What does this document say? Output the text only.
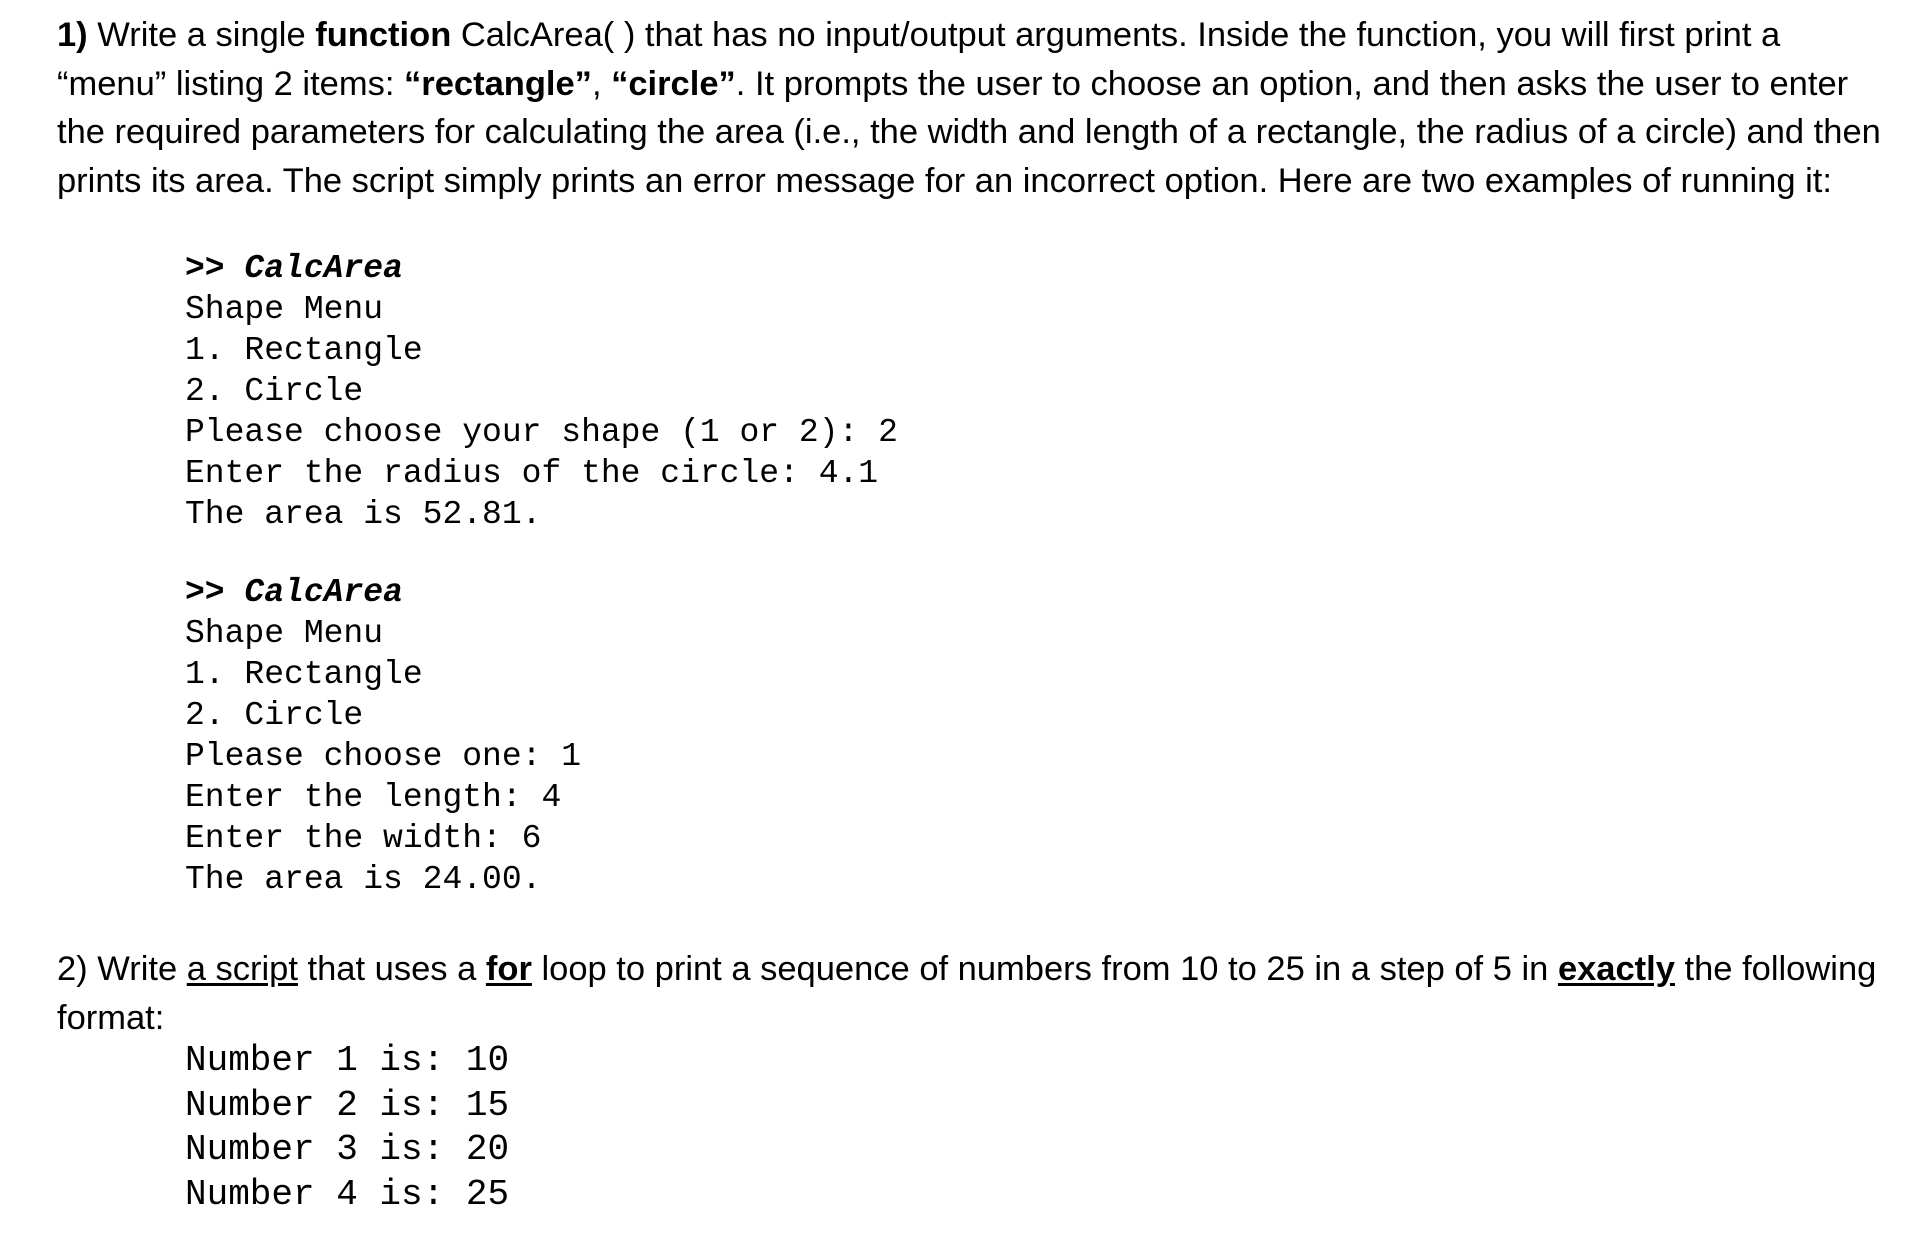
1) Write a single function CalcArea( ) that has no input/output arguments. Inside the function, you will first print a “menu” listing 2 items: “rectangle”, “circle”. It prompts the user to choose an option, and then asks the user to enter the required parameters for calculating the area (i.e., the width and length of a rectangle, the radius of a circle) and then prints its area. The script simply prints an error message for an incorrect option. Here are two examples of running it:

>> CalcArea
Shape Menu
1. Rectangle
2. Circle
Please choose your shape (1 or 2): 2
Enter the radius of the circle: 4.1
The area is 52.81.
>> CalcArea
Shape Menu
1. Rectangle
2. Circle
Please choose one: 1
Enter the length: 4
Enter the width: 6
The area is 24.00.

2) Write a script that uses a for loop to print a sequence of numbers from 10 to 25 in a step of 5 in exactly the following format:

Number 1 is: 10
Number 2 is: 15
Number 3 is: 20
Number 4 is: 25
